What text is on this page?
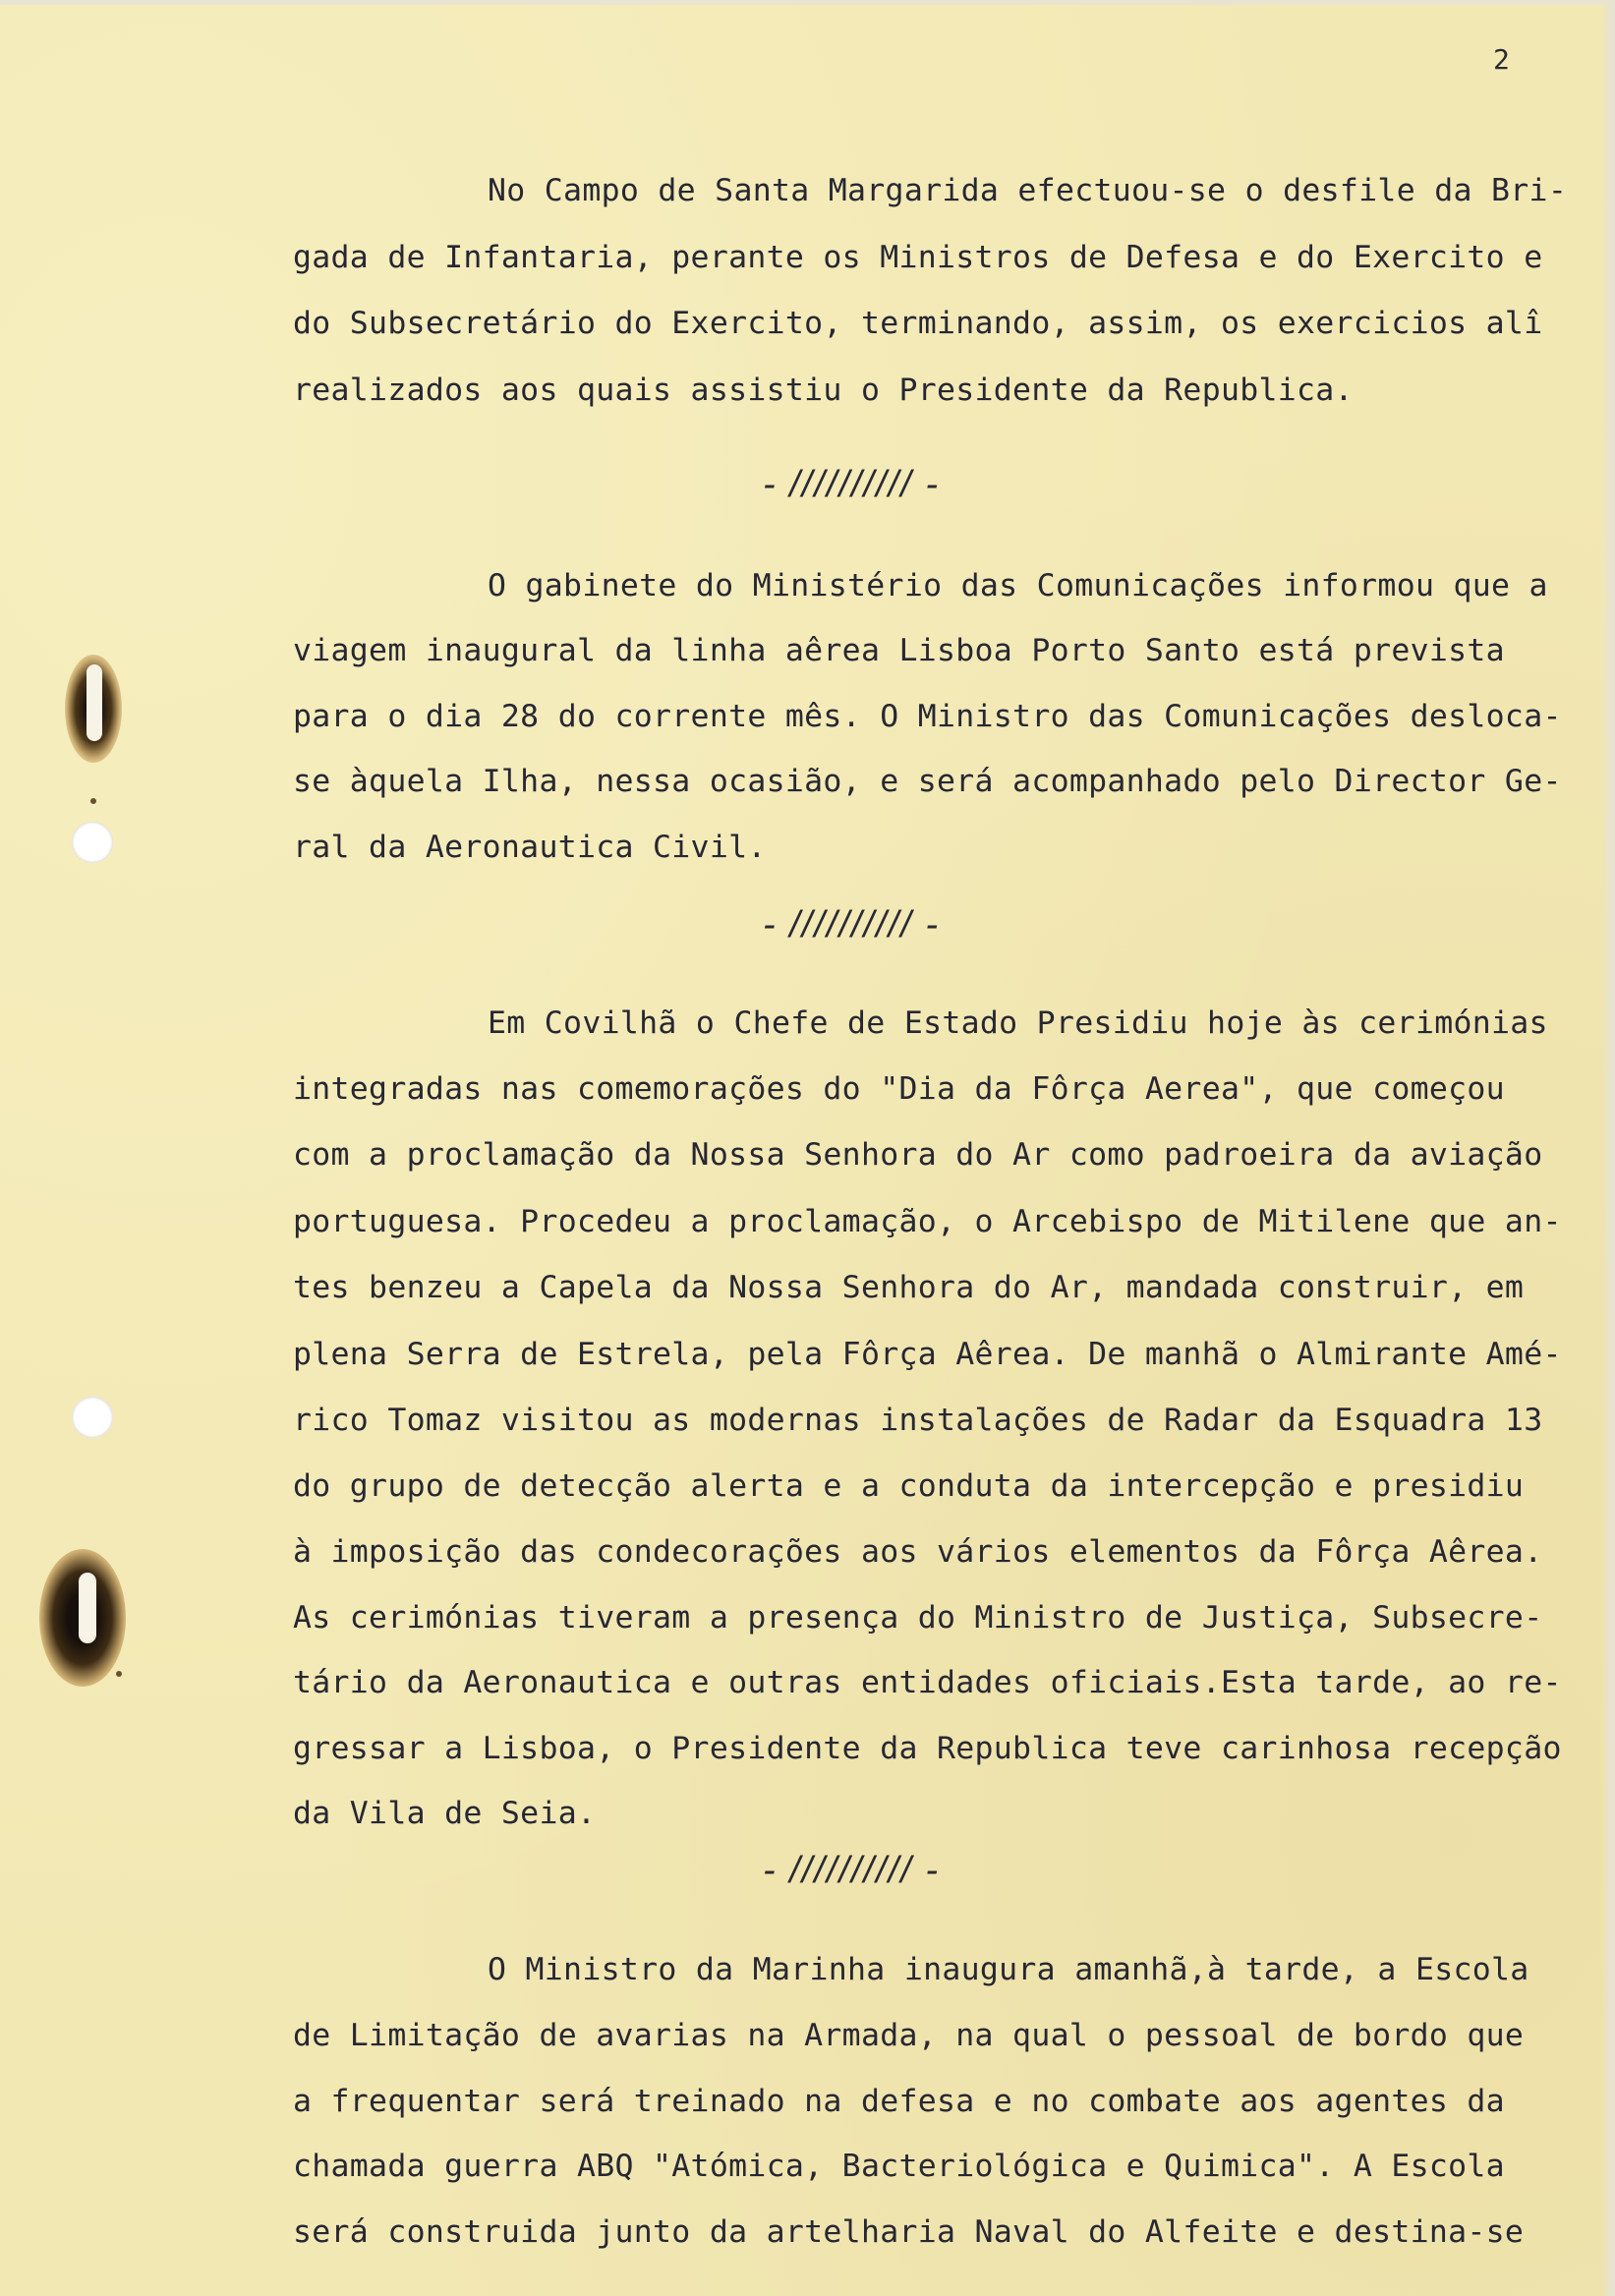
2
No Campo de Santa Margarida efectuou-se o desfile da Bri-
gada de Infantaria, perante os Ministros de Defesa e do Exercito e
do Subsecretário do Exercito, terminando, assim, os exercicios alî
realizados aos quais assistiu o Presidente da Republica.
- ////////// -
O gabinete do Ministério das Comunicações informou que a
viagem inaugural da linha aêrea Lisboa Porto Santo está prevista
para o dia 28 do corrente mês. O Ministro das Comunicações desloca-
se àquela Ilha, nessa ocasião, e será acompanhado pelo Director Ge-
ral da Aeronautica Civil.
- ////////// -
Em Covilhã o Chefe de Estado Presidiu hoje às cerimónias
integradas nas comemorações do "Dia da Fôrça Aerea", que começou
com a proclamação da Nossa Senhora do Ar como padroeira da aviação
portuguesa. Procedeu a proclamação, o Arcebispo de Mitilene que an-
tes benzeu a Capela da Nossa Senhora do Ar, mandada construir, em
plena Serra de Estrela, pela Fôrça Aêrea. De manhã o Almirante Amé-
rico Tomaz visitou as modernas instalações de Radar da Esquadra 13
do grupo de detecção alerta e a conduta da intercepção e presidiu
à imposição das condecorações aos vários elementos da Fôrça Aêrea.
As cerimónias tiveram a presença do Ministro de Justiça, Subsecre-
tário da Aeronautica e outras entidades oficiais.Esta tarde, ao re-
gressar a Lisboa, o Presidente da Republica teve carinhosa recepção
da Vila de Seia.
- ////////// -
O Ministro da Marinha inaugura amanhã,à tarde, a Escola
de Limitação de avarias na Armada, na qual o pessoal de bordo que
a frequentar será treinado na defesa e no combate aos agentes da
chamada guerra ABQ "Atómica, Bacteriológica e Quimica". A Escola
será construida junto da artelharia Naval do Alfeite e destina-se
